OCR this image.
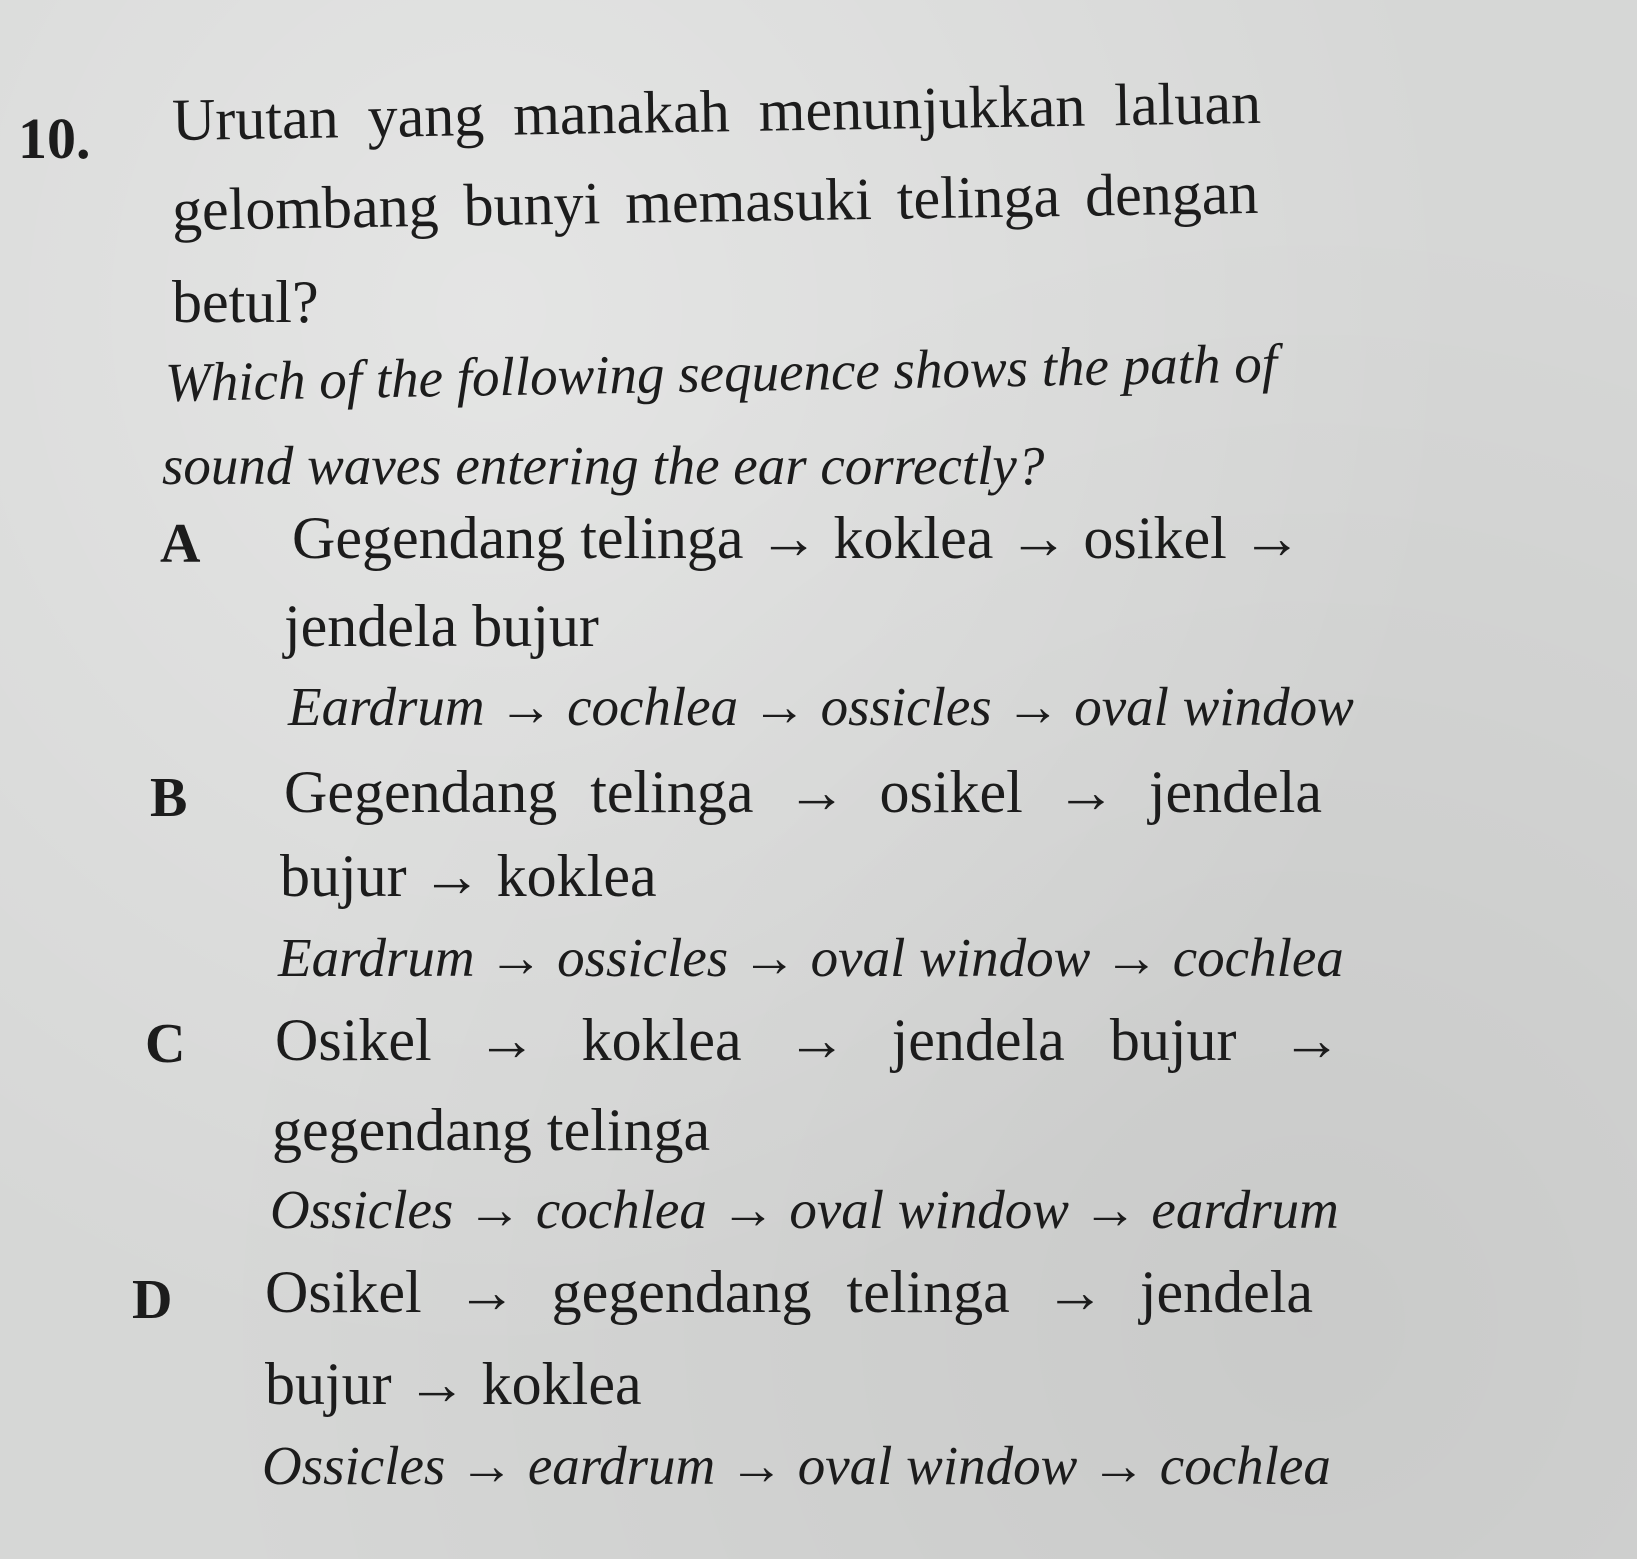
10. Urutan yang manakah menunjukkan laluan
gelombang bunyi memasuki telinga dengan
betul?
Which of the following sequence shows the path of
sound waves entering the ear correctly?
A Gegendang telinga → koklea → osikel →
jendela bujur
Eardrum → cochlea → ossicles → oval window
B Gegendang telinga → osikel → jendela
bujur → koklea
Eardrum → ossicles → oval window → cochlea
C Osikel → koklea → jendela bujur →
gegendang telinga
Ossicles → cochlea → oval window → eardrum
D Osikel → gegendang telinga → jendela
bujur → koklea
Ossicles → eardrum → oval window → cochlea
